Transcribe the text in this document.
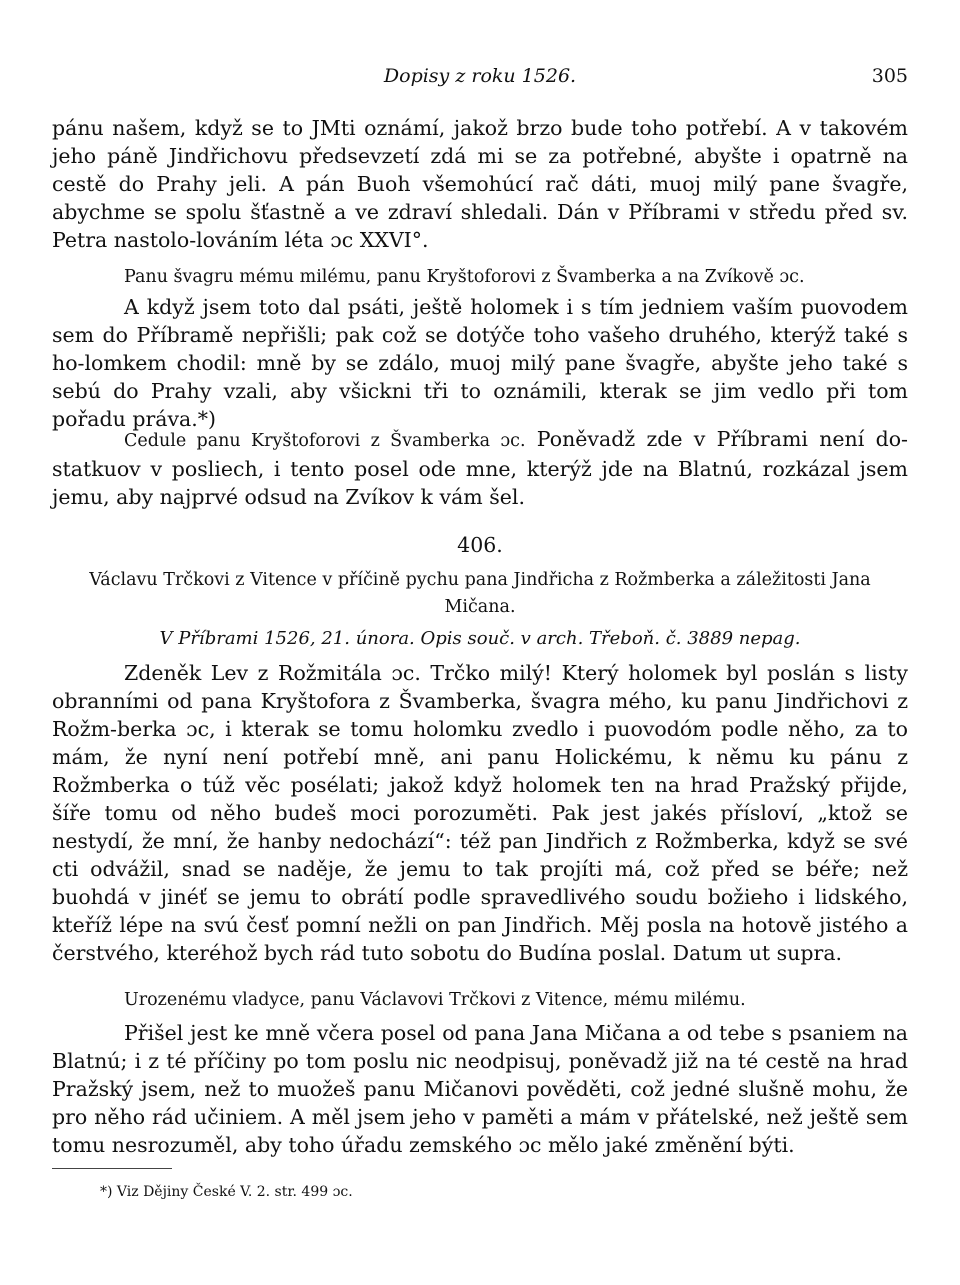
Dopisy z roku 1526.	305
pánu našem, když se to JMti oznámí, jakož brzo bude toho potřebí. A v takovém jeho páně Jindřichovu předsevzetí zdá mi se za potřebné, abyšte i opatrně na cestě do Prahy jeli. A pán Buoh všemohúcí rač dáti, muoj milý pane švagře, abychme se spolu šťastně a ve zdraví shledali. Dán v Příbrami v středu před sv. Petra nastolo-lováním léta ɔc XXVI°.
Panu švagru mému milému, panu Kryštoforovi z Švamberka a na Zvíkově ɔc.
A když jsem toto dal psáti, ještě holomek i s tím jedniem vaším puovodem sem do Příbramě nepřišli; pak což se dotýče toho vašeho druhého, kterýž také s ho-lomkem chodil: mně by se zdálo, muoj milý pane švagře, abyšte jeho také s sebú do Prahy vzali, aby všickni tři to oznámili, kterak se jim vedlo při tom pořadu práva.*)
Cedule panu Kryštoforovi z Švamberka ɔc. Poněvadž zde v Příbrami není do-statkuov v posliech, i tento posel ode mne, kterýž jde na Blatnú, rozkázal jsem jemu, aby najprvé odsud na Zvíkov k vám šel.
406.
Václavu Trčkovi z Vitence v příčině pychu pana Jindřicha z Rožmberka a záležitosti Jana Mičana.
V Příbrami 1526, 21. února. Opis souč. v arch. Třeboň. č. 3889 nepag.
Zdeněk Lev z Rožmitála ɔc. Trčko milý! Který holomek byl poslán s listy obranními od pana Kryštofora z Švamberka, švagra mého, ku panu Jindřichovi z Rožm-berka ɔc, i kterak se tomu holomku zvedlo i puovodóm podle něho, za to mám, že nyní není potřebí mně, ani panu Holickému, k němu ku pánu z Rožmberka o túž věc posélati; jakož když holomek ten na hrad Pražský přijde, šíře tomu od něho budeš moci porozuměti. Pak jest jakés přísloví, „ktož se nestydí, že mní, že hanby nedochází“: též pan Jindřich z Rožmberka, když se své cti odvážil, snad se naděje, že jemu to tak projíti má, což před se béře; než buohdá v jinéť se jemu to obrátí podle spravedlivého soudu božieho i lidského, kteříž lépe na svú česť pomní nežli on pan Jindřich. Měj posla na hotově jistého a čerstvého, kteréhož bych rád tuto sobotu do Budína poslal. Datum ut supra.
Urozenému vladyce, panu Václavovi Trčkovi z Vitence, mému milému.
Přišel jest ke mně včera posel od pana Jana Mičana a od tebe s psaniem na Blatnú; i z té příčiny po tom poslu nic neodpisuj, poněvadž již na té cestě na hrad Pražský jsem, než to muožeš panu Mičanovi pověděti, což jedné slušně mohu, že pro něho rád učiniem. A měl jsem jeho v paměti a mám v přátelské, než ještě sem tomu nesrozuměl, aby toho úřadu zemského ɔc mělo jaké změnění býti.
*) Viz Dějiny České V. 2. str. 499 ɔc.
